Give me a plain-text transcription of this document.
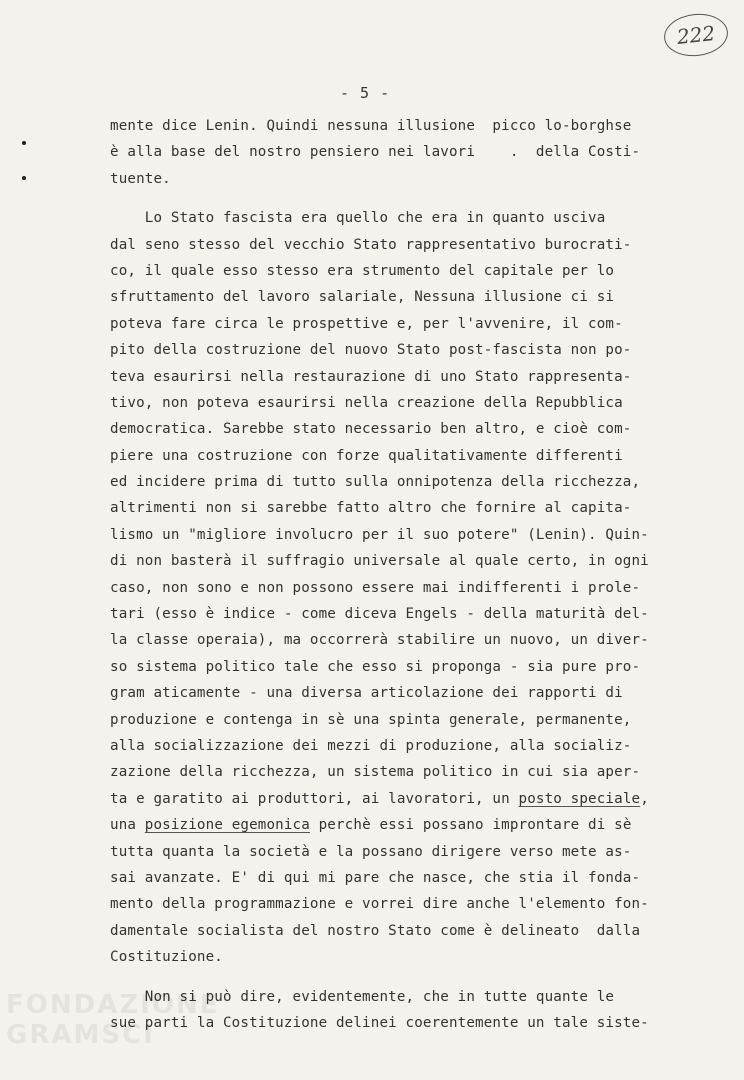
222
- 5 -
mente dice Lenin. Quindi nessuna illusione  picco lo-borghse
è alla base del nostro pensiero nei lavori    .  della Costi-
tuente.
Lo Stato fascista era quello che era in quanto usciva
dal seno stesso del vecchio Stato rappresentativo burocrati-
co, il quale esso stesso era strumento del capitale per lo
sfruttamento del lavoro salariale, Nessuna illusione ci si
poteva fare circa le prospettive e, per l'avvenire, il com-
pito della costruzione del nuovo Stato post-fascista non po-
teva esaurirsi nella restaurazione di uno Stato rappresenta-
tivo, non poteva esaurirsi nella creazione della Repubblica
democratica. Sarebbe stato necessario ben altro, e cioè com-
piere una costruzione con forze qualitativamente differenti
ed incidere prima di tutto sulla onnipotenza della ricchezza,
altrimenti non si sarebbe fatto altro che fornire al capita-
lismo un "migliore involucro per il suo potere" (Lenin). Quin-
di non basterà il suffragio universale al quale certo, in ogni
caso, non sono e non possono essere mai indifferenti i prole-
tari (esso è indice - come diceva Engels - della maturità del-
la classe operaia), ma occorrerà stabilire un nuovo, un diver-
so sistema politico tale che esso si proponga - sia pure pro-
gram aticamente - una diversa articolazione dei rapporti di
produzione e contenga in sè una spinta generale, permanente,
alla socializzazione dei mezzi di produzione, alla socializ-
zazione della ricchezza, un sistema politico in cui sia aper-
ta e garatito ai produttori, ai lavoratori, un posto speciale,
una posizione egemonica perchè essi possano improntare di sè
tutta quanta la società e la possano dirigere verso mete as-
sai avanzate. E' di qui mi pare che nasce, che stia il fonda-
mento della programmazione e vorrei dire anche l'elemento fon-
damentale socialista del nostro Stato come è delineato  dalla
Costituzione.
Non si può dire, evidentemente, che in tutte quante le
sue parti la Costituzione delinei coerentemente un tale siste-
FONDAZIONE
GRAMSCI
